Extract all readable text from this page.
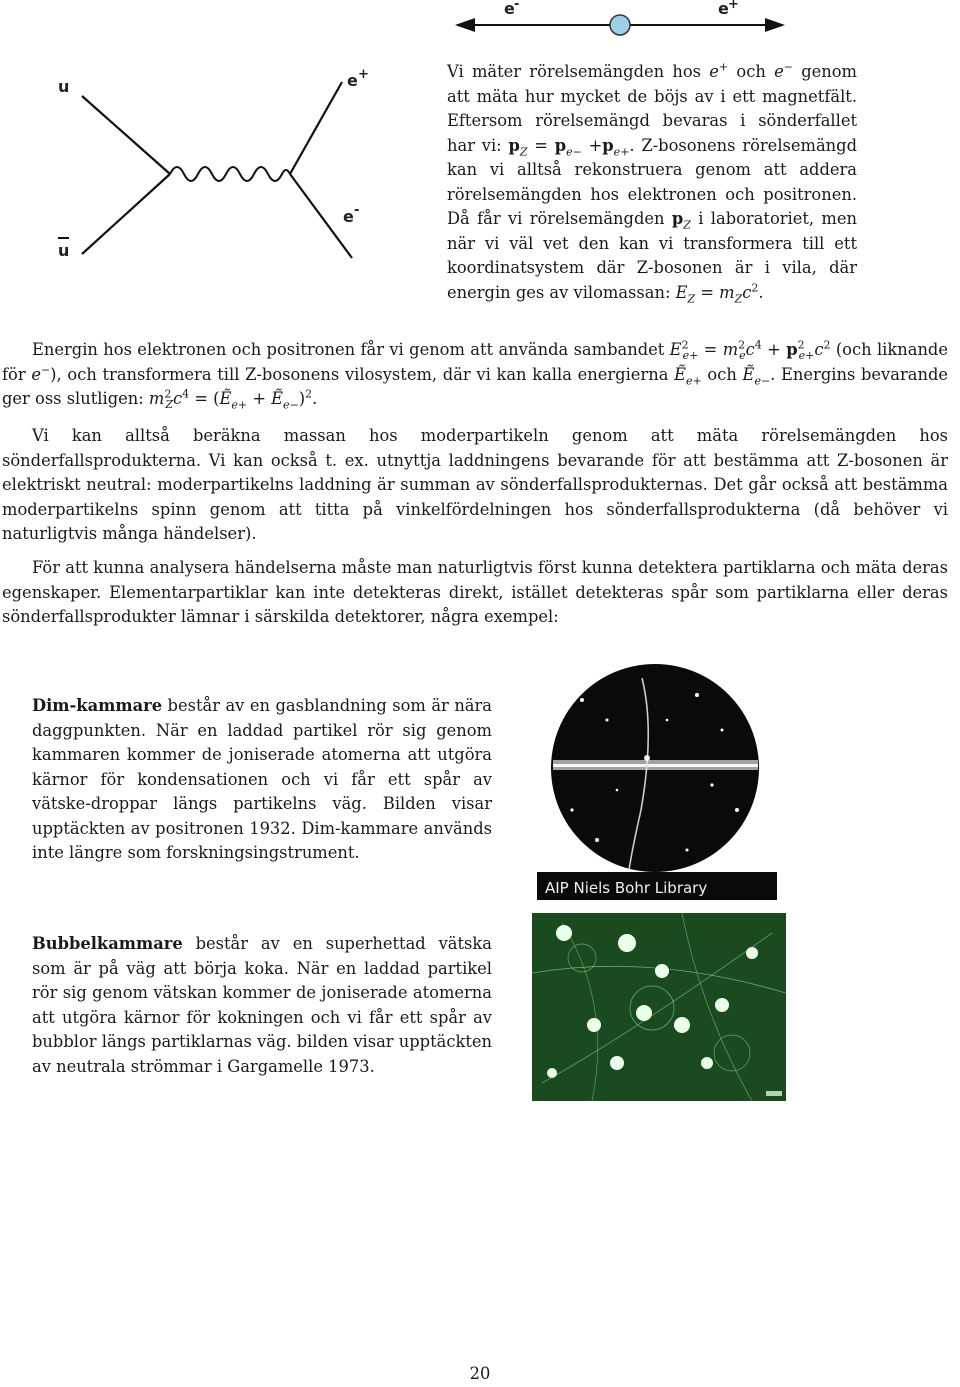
e -	e +
u
u
e +
e -
Vi mäter rörelsemängden hos e+ och e− genom att mäta hur mycket de böjs av i ett magnetfält. Eftersom rörelsemängd bevaras i sönderfallet har vi: $p_Z = p_{e-} +p_{e+}$. Z-bosonens rörelsemängd kan vi alltså rekonstruera genom att addera rörelsemängden hos elektronen och positronen. Då får vi rörelsemängden $p_Z$ i laboratoriet, men när vi väl vet den kan vi transformera till ett koordinatsystem där Z-bosonen är i vila, där energin ges av vilomassan: $E_Z = m_Zc^2$.
Energin hos elektronen och positronen får vi genom att använda sambandet $E^2_{e+} = m^2_ec^4 + p^2_{e+}c^2$ (och liknande för e−), och transformera till Z-bosonens vilosystem, där vi kan kalla energierna Ẽ$_{e+}$ och Ẽ$_{e-}$. Energins bevarande ger oss slutligen: $m^2_Zc^4$ = (Ẽ$_{e+}$ + Ẽ$_{e-}$)$^2$.
Vi kan alltså beräkna massan hos moderpartikeln genom att mäta rörelsemängden hos sönderfallsprodukterna. Vi kan också t. ex. utnyttja laddningens bevarande för att bestämma att Z-bosonen är elektriskt neutral: moderpartikelns laddning är summan av sönderfallsprodukternas. Det går också att bestämma moderpartikelns spinn genom att titta på vinkelfördelningen hos sönderfallsprodukterna (då behöver vi naturligtvis många händelser).
För att kunna analysera händelserna måste man naturligtvis först kunna detektera partiklarna och mäta deras egenskaper. Elementarpartiklar kan inte detekteras direkt, istället detekteras spår som partiklarna eller deras sönderfallsprodukter lämnar i särskilda detektorer, några exempel:
Dim-kammare består av en gasblandning som är nära daggpunkten. När en laddad partikel rör sig genom kammaren kommer de joniserade atomerna att utgöra kärnor för kondensationen och vi får ett spår av vätske-droppar längs partikelns väg. Bilden visar upptäckten av positronen 1932. Dim-kammare används inte längre som forskningsingstrument.
AIP Niels Bohr Library
Bubbelkammare består av en superhettad vätska som är på väg att börja koka. När en laddad partikel rör sig genom vätskan kommer de joniserade atomerna att utgöra kärnor för kokningen och vi får ett spår av bubblor längs partiklarnas väg. bilden visar upptäckten av neutrala strömmar i Gargamelle 1973.
20
